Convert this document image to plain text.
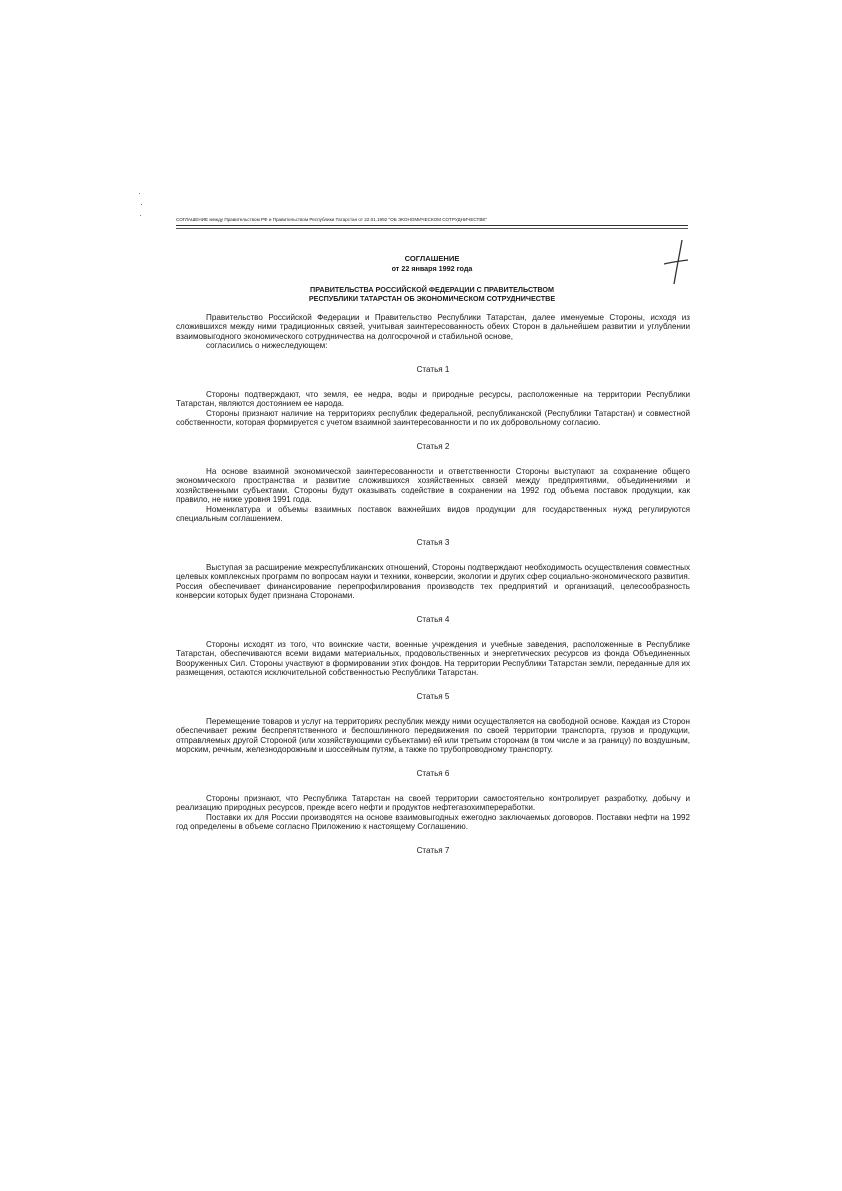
СОГЛАШЕНИЕ между Правительством РФ и Правительством Республики Татарстан от 22.01.1992 "ОБ ЭКОНОМИЧЕСКОМ СОТРУДНИЧЕСТВЕ"
СОГЛАШЕНИЕ
от 22 января 1992 года
ПРАВИТЕЛЬСТВА РОССИЙСКОЙ ФЕДЕРАЦИИ С ПРАВИТЕЛЬСТВОМ
РЕСПУБЛИКИ ТАТАРСТАН ОБ ЭКОНОМИЧЕСКОМ СОТРУДНИЧЕСТВЕ

Правительство Российской Федерации и Правительство Республики Татарстан, далее именуемые Стороны, исходя из сложившихся между ними традиционных связей, учитывая заинтересованность обеих Сторон в дальнейшем развитии и углублении взаимовыгодного экономического сотрудничества на долгосрочной и стабильной основе,

согласились о нижеследующем:

Статья 1

Стороны подтверждают, что земля, ее недра, воды и природные ресурсы, расположенные на территории Республики Татарстан, являются достоянием ее народа.

Стороны признают наличие на территориях республик федеральной, республиканской (Республики Татарстан) и совместной собственности, которая формируется с учетом взаимной заинтересованности и по их добровольному согласию.

Статья 2

На основе взаимной экономической заинтересованности и ответственности Стороны выступают за сохранение общего экономического пространства и развитие сложившихся хозяйственных связей между предприятиями, объединениями и хозяйственными субъектами. Стороны будут оказывать содействие в сохранении на 1992 год объема поставок продукции, как правило, не ниже уровня 1991 года.

Номенклатура и объемы взаимных поставок важнейших видов продукции для государственных нужд регулируются специальным соглашением.

Статья 3

Выступая за расширение межреспубликанских отношений, Стороны подтверждают необходимость осуществления совместных целевых комплексных программ по вопросам науки и техники, конверсии, экологии и других сфер социально-экономического развития. Россия обеспечивает финансирование перепрофилирования производств тех предприятий и организаций, целесообразность конверсии которых будет признана Сторонами.

Статья 4

Стороны исходят из того, что воинские части, военные учреждения и учебные заведения, расположенные в Республике Татарстан, обеспечиваются всеми видами материальных, продовольственных и энергетических ресурсов из фонда Объединенных Вооруженных Сил. Стороны участвуют в формировании этих фондов. На территории Республики Татарстан земли, переданные для их размещения, остаются исключительной собственностью Республики Татарстан.

Статья 5

Перемещение товаров и услуг на территориях республик между ними осуществляется на свободной основе. Каждая из Сторон обеспечивает режим беспрепятственного и беспошлинного передвижения по своей территории транспорта, грузов и продукции, отправляемых другой Стороной (или хозяйствующими субъектами) ей или третьим сторонам (в том числе и за границу) по воздушным, морским, речным, железнодорожным и шоссейным путям, а также по трубопроводному транспорту.

Статья 6

Стороны признают, что Республика Татарстан на своей территории самостоятельно контролирует разработку, добычу и реализацию природных ресурсов, прежде всего нефти и продуктов нефтегазохимпереработки.

Поставки их для России производятся на основе взаимовыгодных ежегодно заключаемых договоров. Поставки нефти на 1992 год определены в объеме согласно Приложению к настоящему Соглашению.

Статья 7
